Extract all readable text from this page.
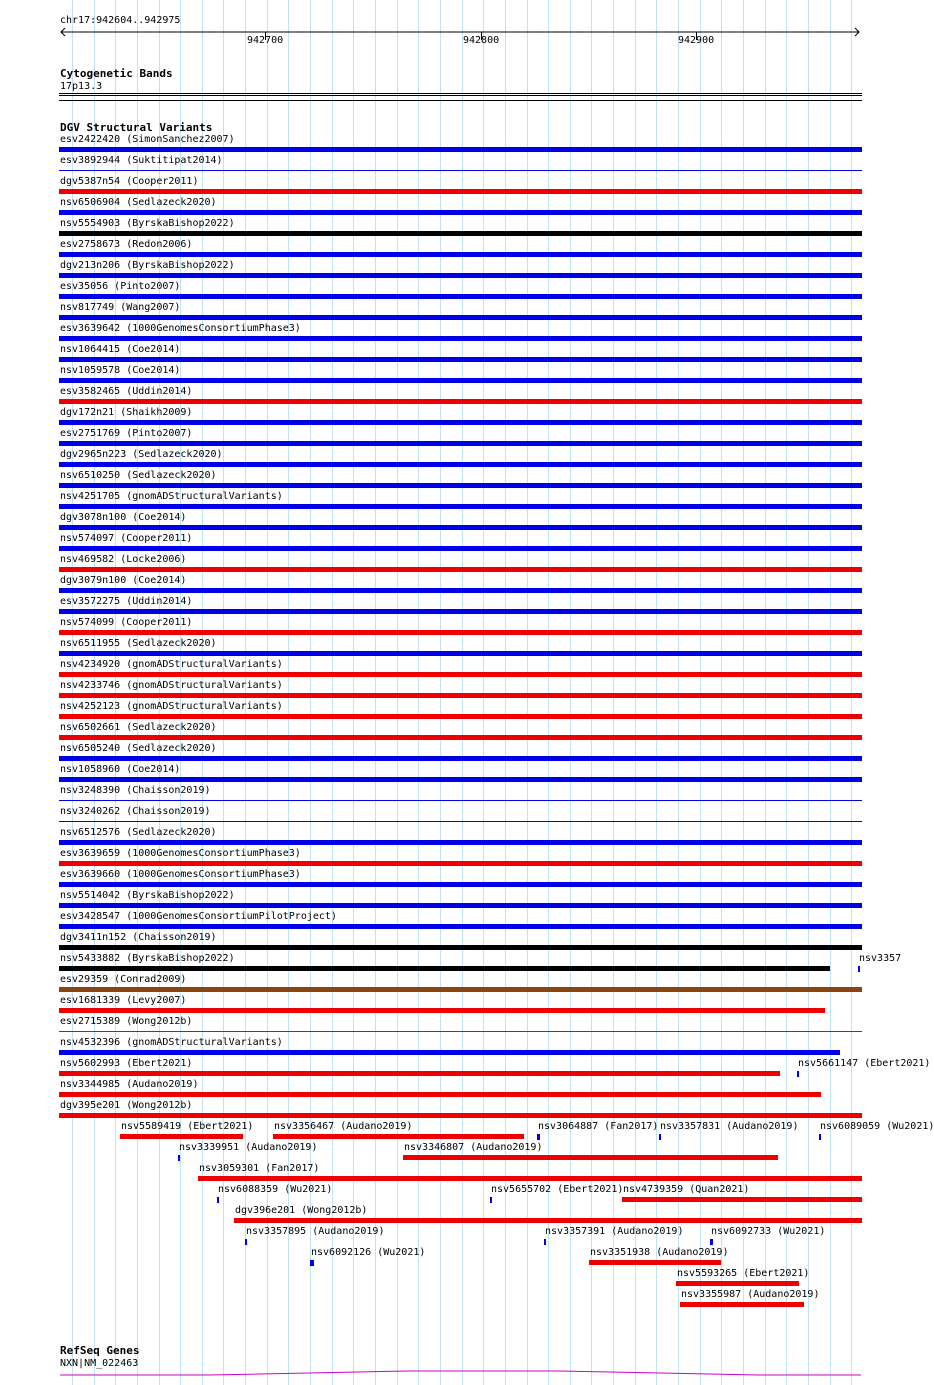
chr17:942604..942975
942700	942800	942900
Cytogenetic Bands
17p13.3
DGV Structural Variants
esv2422420 (SimonSanchez2007)
esv3892944 (Suktitipat2014)
dgv5387n54 (Cooper2011)
nsv6506904 (Sedlazeck2020)
nsv5554903 (ByrskaBishop2022)
esv2758673 (Redon2006)
dgv213n206 (ByrskaBishop2022)
esv35056 (Pinto2007)
nsv817749 (Wang2007)
esv3639642 (1000GenomesConsortiumPhase3)
nsv1064415 (Coe2014)
nsv1059578 (Coe2014)
esv3582465 (Uddin2014)
dgv172n21 (Shaikh2009)
esv2751769 (Pinto2007)
dgv2965n223 (Sedlazeck2020)
nsv6510250 (Sedlazeck2020)
nsv4251705 (gnomADStructuralVariants)
dgv3078n100 (Coe2014)
nsv574097 (Cooper2011)
nsv469582 (Locke2006)
dgv3079n100 (Coe2014)
esv3572275 (Uddin2014)
nsv574099 (Cooper2011)
nsv6511955 (Sedlazeck2020)
nsv4234920 (gnomADStructuralVariants)
nsv4233746 (gnomADStructuralVariants)
nsv4252123 (gnomADStructuralVariants)
nsv6502661 (Sedlazeck2020)
nsv6505240 (Sedlazeck2020)
nsv1058960 (Coe2014)
nsv3248390 (Chaisson2019)
nsv3240262 (Chaisson2019)
nsv6512576 (Sedlazeck2020)
esv3639659 (1000GenomesConsortiumPhase3)
esv3639660 (1000GenomesConsortiumPhase3)
nsv5514042 (ByrskaBishop2022)
esv3428547 (1000GenomesConsortiumPilotProject)
dgv3411n152 (Chaisson2019)
nsv5433882 (ByrskaBishop2022)	nsv3357
esv29359 (Conrad2009)
esv1681339 (Levy2007)
esv2715389 (Wong2012b)
nsv4532396 (gnomADStructuralVariants)
nsv5602993 (Ebert2021)	nsv5661147 (Ebert2021)
nsv3344985 (Audano2019)
dgv395e201 (Wong2012b)
nsv5589419 (Ebert2021) nsv3356467 (Audano2019)	nsv3064887 (Fan2017) nsv3357831 (Audano2019) nsv6089059 (Wu2021)
nsv3339951 (Audano2019)	nsv3346807 (Audano2019)
nsv3059301 (Fan2017)
nsv6088359 (Wu2021)	nsv5655702 (Ebert2021) nsv4739359 (Quan2021)
dgv396e201 (Wong2012b)
nsv3357895 (Audano2019)	nsv3357391 (Audano2019)	nsv6092733 (Wu2021)
nsv6092126 (Wu2021)	nsv3351938 (Audano2019)
nsv5593265 (Ebert2021)
nsv3355987 (Audano2019)
RefSeq Genes
NXN|NM_022463
